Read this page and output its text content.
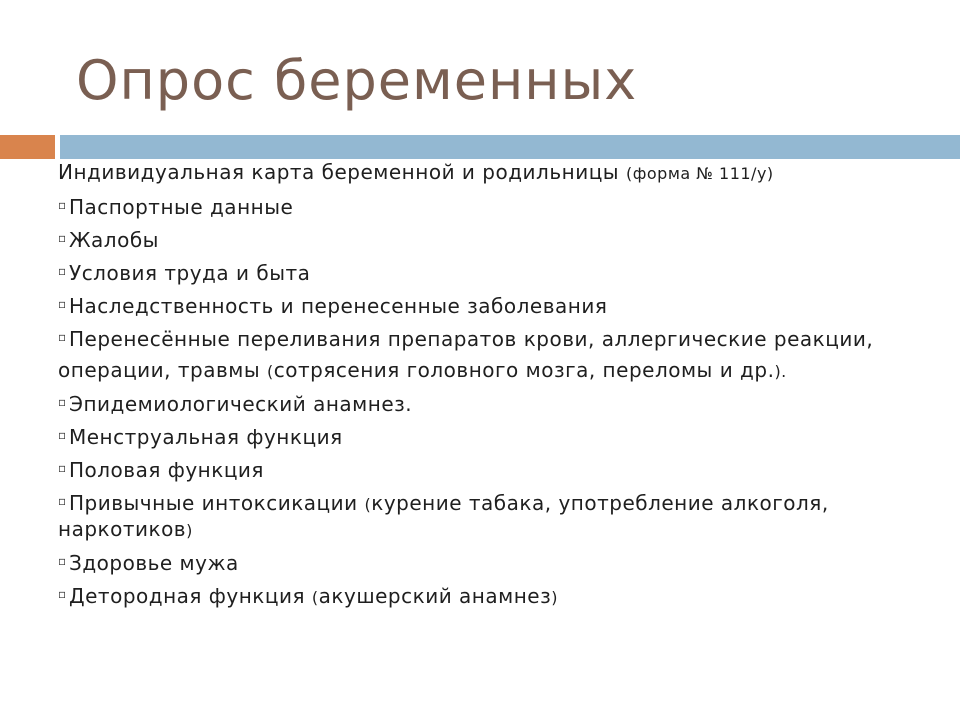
Опрос беременных
Индивидуальная карта беременной и родильницы (форма № 111/у)
▫ Паспортные данные
▫ Жалобы
▫ Условия труда и быта
▫ Наследственность и перенесенные заболевания
▫ Перенесённые переливания препаратов крови, аллергические реакции,
операции, травмы (сотрясения головного мозга, переломы и др.).
▫ Эпидемиологический анамнез.
▫ Менструальная функция
▫ Половая функция
▫ Привычные интоксикации (курение табака, употребление алкоголя, наркотиков)
▫ Здоровье мужа
▫ Детородная функция (акушерский анамнез)
